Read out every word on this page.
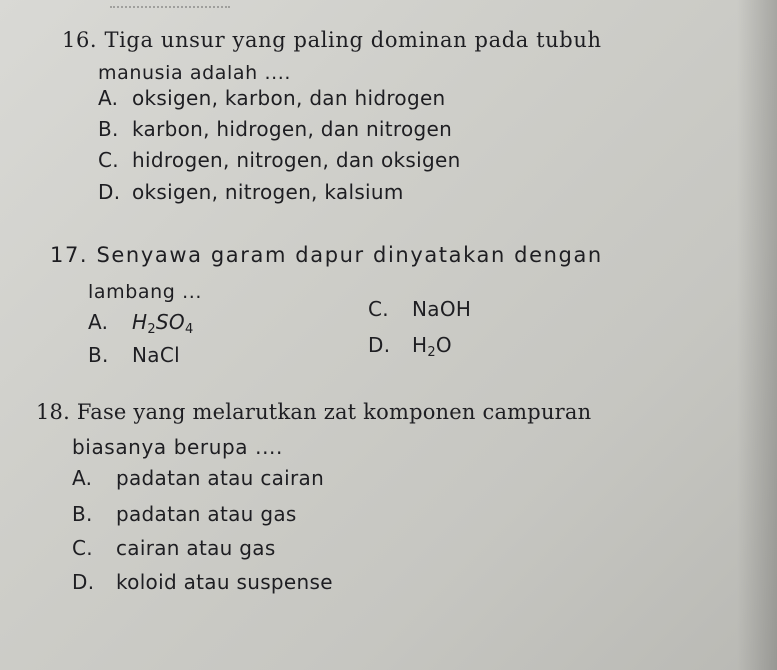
16. Tiga unsur yang paling dominan pada tubuh
manusia adalah ....
A. oksigen, karbon, dan hidrogen
B. karbon, hidrogen, dan nitrogen
C. hidrogen, nitrogen, dan oksigen
D. oksigen, nitrogen, kalsium
17. Senyawa garam dapur dinyatakan dengan
lambang ...
A. $H_2SO_4$
B. NaCl
C. NaOH
D. $H_2O$
18. Fase yang melarutkan zat komponen campuran
biasanya berupa ....
A. padatan atau cairan
B. padatan atau gas
C. cairan atau gas
D. koloid atau suspense
